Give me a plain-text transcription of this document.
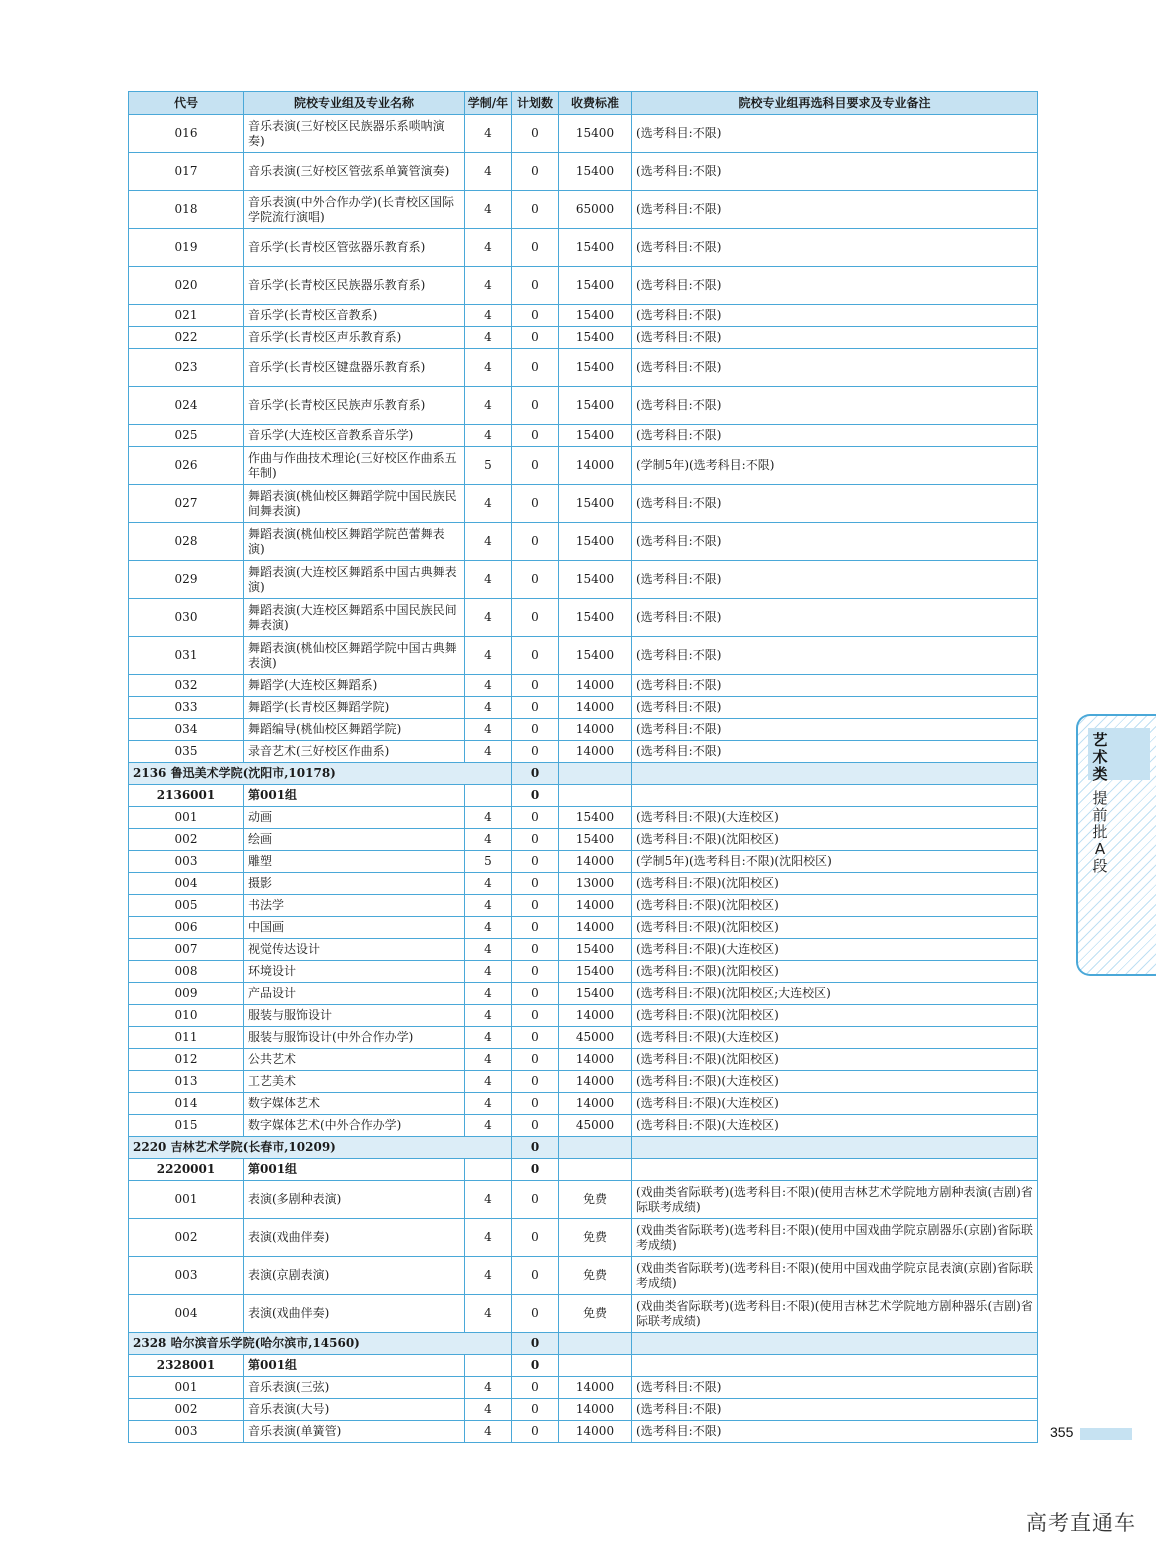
代号	院校专业组及专业名称	学制/年	计划数	收费标准	院校专业组再选科目要求及专业备注
016	音乐表演(三好校区民族器乐系唢呐演奏)	4	0	15400	(选考科目:不限)
017	音乐表演(三好校区管弦系单簧管演奏)	4	0	15400	(选考科目:不限)
018	音乐表演(中外合作办学)(长青校区国际学院流行演唱)	4	0	65000	(选考科目:不限)
019	音乐学(长青校区管弦器乐教育系)	4	0	15400	(选考科目:不限)
020	音乐学(长青校区民族器乐教育系)	4	0	15400	(选考科目:不限)
021	音乐学(长青校区音教系)	4	0	15400	(选考科目:不限)
022	音乐学(长青校区声乐教育系)	4	0	15400	(选考科目:不限)
023	音乐学(长青校区键盘器乐教育系)	4	0	15400	(选考科目:不限)
024	音乐学(长青校区民族声乐教育系)	4	0	15400	(选考科目:不限)
025	音乐学(大连校区音教系音乐学)	4	0	15400	(选考科目:不限)
026	作曲与作曲技术理论(三好校区作曲系五年制)	5	0	14000	(学制5年)(选考科目:不限)
027	舞蹈表演(桃仙校区舞蹈学院中国民族民间舞表演)	4	0	15400	(选考科目:不限)
028	舞蹈表演(桃仙校区舞蹈学院芭蕾舞表演)	4	0	15400	(选考科目:不限)
029	舞蹈表演(大连校区舞蹈系中国古典舞表演)	4	0	15400	(选考科目:不限)
030	舞蹈表演(大连校区舞蹈系中国民族民间舞表演)	4	0	15400	(选考科目:不限)
031	舞蹈表演(桃仙校区舞蹈学院中国古典舞表演)	4	0	15400	(选考科目:不限)
032	舞蹈学(大连校区舞蹈系)	4	0	14000	(选考科目:不限)
033	舞蹈学(长青校区舞蹈学院)	4	0	14000	(选考科目:不限)
034	舞蹈编导(桃仙校区舞蹈学院)	4	0	14000	(选考科目:不限)
035	录音艺术(三好校区作曲系)	4	0	14000	(选考科目:不限)
2136 鲁迅美术学院(沈阳市,10178)			0		
2136001	第001组		0		
001	动画	4	0	15400	(选考科目:不限)(大连校区)
002	绘画	4	0	15400	(选考科目:不限)(沈阳校区)
003	雕塑	5	0	14000	(学制5年)(选考科目:不限)(沈阳校区)
004	摄影	4	0	13000	(选考科目:不限)(沈阳校区)
005	书法学	4	0	14000	(选考科目:不限)(沈阳校区)
006	中国画	4	0	14000	(选考科目:不限)(沈阳校区)
007	视觉传达设计	4	0	15400	(选考科目:不限)(大连校区)
008	环境设计	4	0	15400	(选考科目:不限)(沈阳校区)
009	产品设计	4	0	15400	(选考科目:不限)(沈阳校区;大连校区)
010	服装与服饰设计	4	0	14000	(选考科目:不限)(沈阳校区)
011	服装与服饰设计(中外合作办学)	4	0	45000	(选考科目:不限)(大连校区)
012	公共艺术	4	0	14000	(选考科目:不限)(沈阳校区)
013	工艺美术	4	0	14000	(选考科目:不限)(大连校区)
014	数字媒体艺术	4	0	14000	(选考科目:不限)(大连校区)
015	数字媒体艺术(中外合作办学)	4	0	45000	(选考科目:不限)(大连校区)
2220 吉林艺术学院(长春市,10209)			0		
2220001	第001组		0		
001	表演(多剧种表演)	4	0	免费	(戏曲类省际联考)(选考科目:不限)(使用吉林艺术学院地方剧种表演(吉剧)省际联考成绩)
002	表演(戏曲伴奏)	4	0	免费	(戏曲类省际联考)(选考科目:不限)(使用中国戏曲学院京剧器乐(京剧)省际联考成绩)
003	表演(京剧表演)	4	0	免费	(戏曲类省际联考)(选考科目:不限)(使用中国戏曲学院京昆表演(京剧)省际联考成绩)
004	表演(戏曲伴奏)	4	0	免费	(戏曲类省际联考)(选考科目:不限)(使用吉林艺术学院地方剧种器乐(吉剧)省际联考成绩)
2328 哈尔滨音乐学院(哈尔滨市,14560)			0		
2328001	第001组		0		
001	音乐表演(三弦)	4	0	14000	(选考科目:不限)
002	音乐表演(大号)	4	0	14000	(选考科目:不限)
003	音乐表演(单簧管)	4	0	14000	(选考科目:不限)
艺术类
提前批A段
355
高考直通车
